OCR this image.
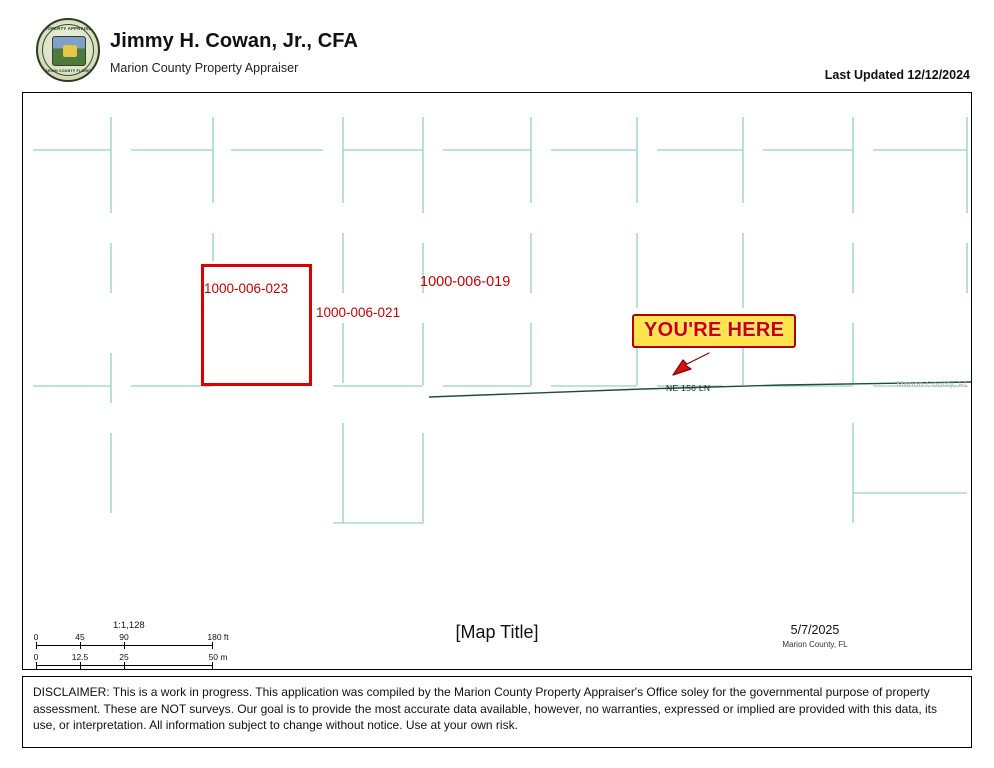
PROPERTY APPRAISER
MARION COUNTY FLORIDA
Jimmy H. Cowan, Jr., CFA
Marion County Property Appraiser	Last Updated 12/12/2024
1000-006-023
1000-006-021
1000-006-019
YOU'RE HERE
NE 156 LN	Marion County, FL
1:1,128
0	45	90	180 ft
0	12.5	25	50 m
[Map Title]	5/7/2025
Marion County, FL
DISCLAIMER: This is a work in progress. This application was compiled by the Marion County Property Appraiser's Office soley for the governmental purpose of property assessment. These are NOT surveys. Our goal is to provide the most accurate data available, however, no warranties, expressed or implied are provided with this data, its use, or interpretation. All information subject to change without notice. Use at your own risk.
